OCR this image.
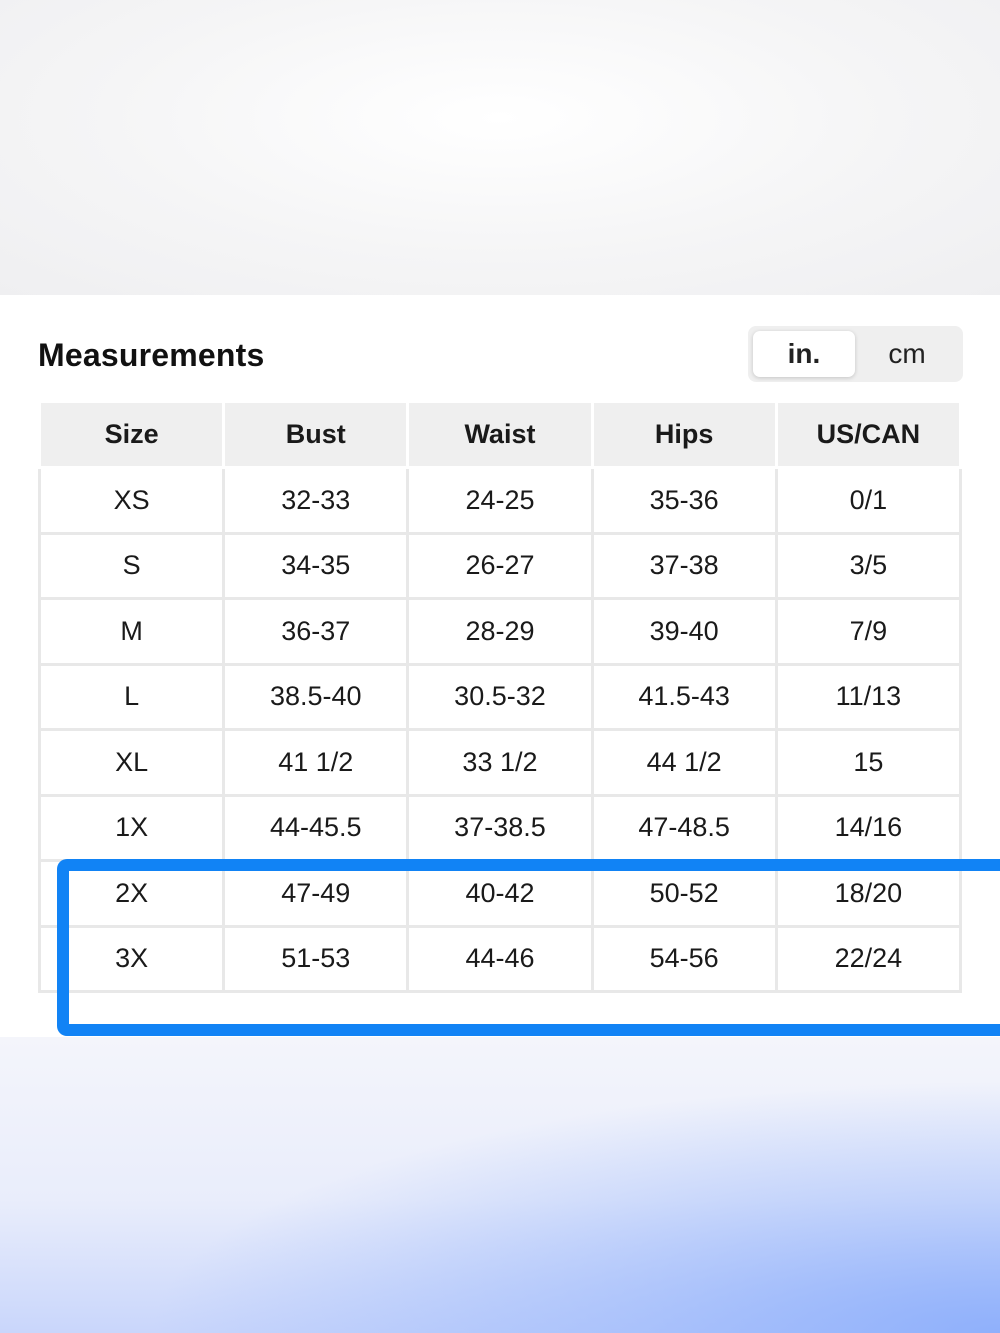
Measurements	in.	cm
Size	Bust	Waist	Hips	US/CAN
XS	32-33	24-25	35-36	0/1
S	34-35	26-27	37-38	3/5
M	36-37	28-29	39-40	7/9
L	38.5-40	30.5-32	41.5-43	11/13
XL	41 1/2	33 1/2	44 1/2	15
1X	44-45.5	37-38.5	47-48.5	14/16
2X	47-49	40-42	50-52	18/20
3X	51-53	44-46	54-56	22/24
